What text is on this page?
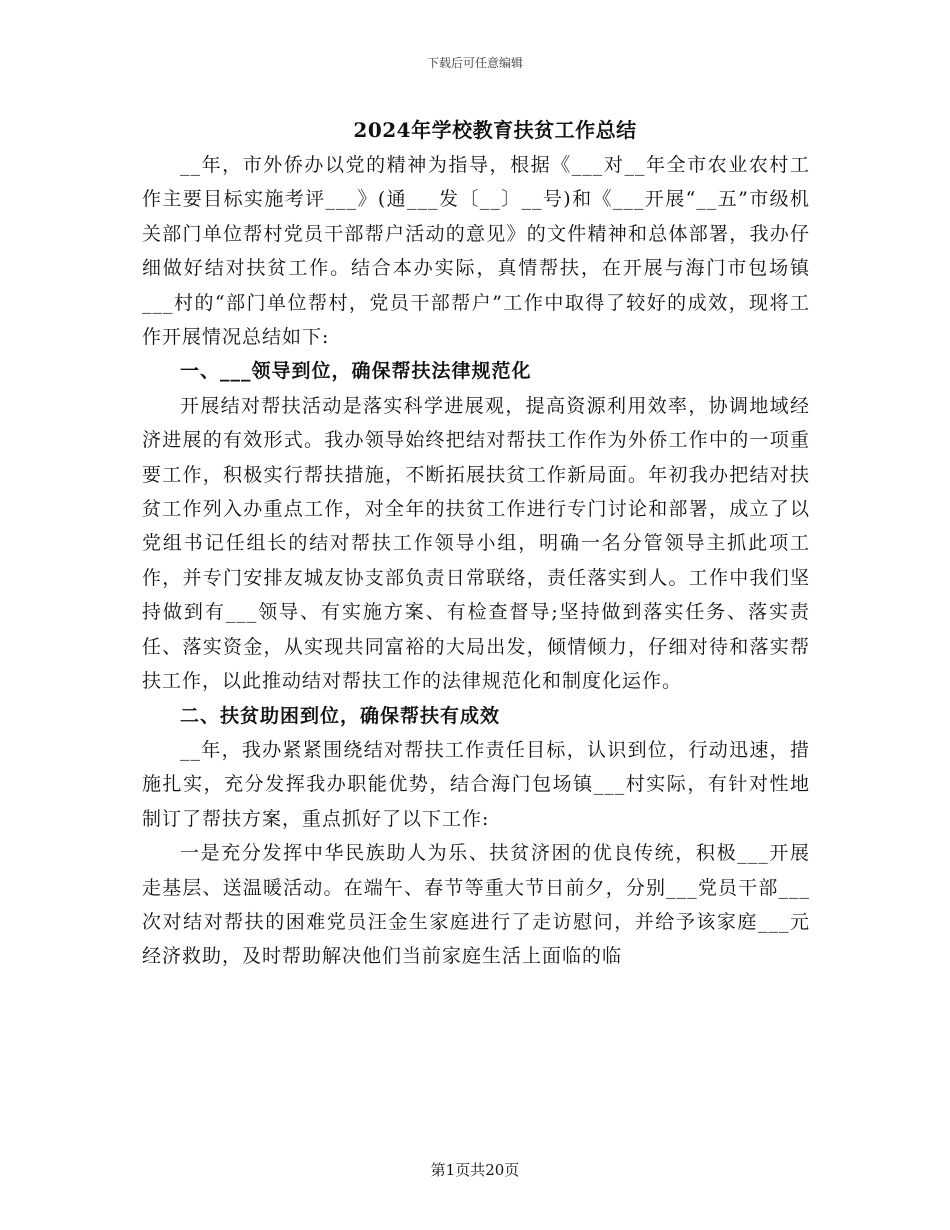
下载后可任意编辑
2024年学校教育扶贫工作总结

__年，市外侨办以党的精神为指导，根据《___对__年全市农业农村工作主要目标实施考评___》(通___发〔__〕__号)和《___开展“__五”市级机关部门单位帮村党员干部帮户活动的意见》的文件精神和总体部署，我办仔细做好结对扶贫工作。结合本办实际，真情帮扶，在开展与海门市包场镇___村的“部门单位帮村，党员干部帮户”工作中取得了较好的成效，现将工作开展情况总结如下:

一、___领导到位，确保帮扶法律规范化

开展结对帮扶活动是落实科学进展观，提高资源利用效率，协调地域经济进展的有效形式。我办领导始终把结对帮扶工作作为外侨工作中的一项重要工作，积极实行帮扶措施，不断拓展扶贫工作新局面。年初我办把结对扶贫工作列入办重点工作，对全年的扶贫工作进行专门讨论和部署，成立了以党组书记任组长的结对帮扶工作领导小组，明确一名分管领导主抓此项工作，并专门安排友城友协支部负责日常联络，责任落实到人。工作中我们坚持做到有___领导、有实施方案、有检查督导;坚持做到落实任务、落实责任、落实资金，从实现共同富裕的大局出发，倾情倾力，仔细对待和落实帮扶工作，以此推动结对帮扶工作的法律规范化和制度化运作。

二、扶贫助困到位，确保帮扶有成效

__年，我办紧紧围绕结对帮扶工作责任目标，认识到位，行动迅速，措施扎实，充分发挥我办职能优势，结合海门包场镇___村实际，有针对性地制订了帮扶方案，重点抓好了以下工作:

一是充分发挥中华民族助人为乐、扶贫济困的优良传统，积极___开展走基层、送温暖活动。在端午、春节等重大节日前夕，分别___党员干部___次对结对帮扶的困难党员汪金生家庭进行了走访慰问，并给予该家庭___元经济救助，及时帮助解决他们当前家庭生活上面临的临

第1页共20页
